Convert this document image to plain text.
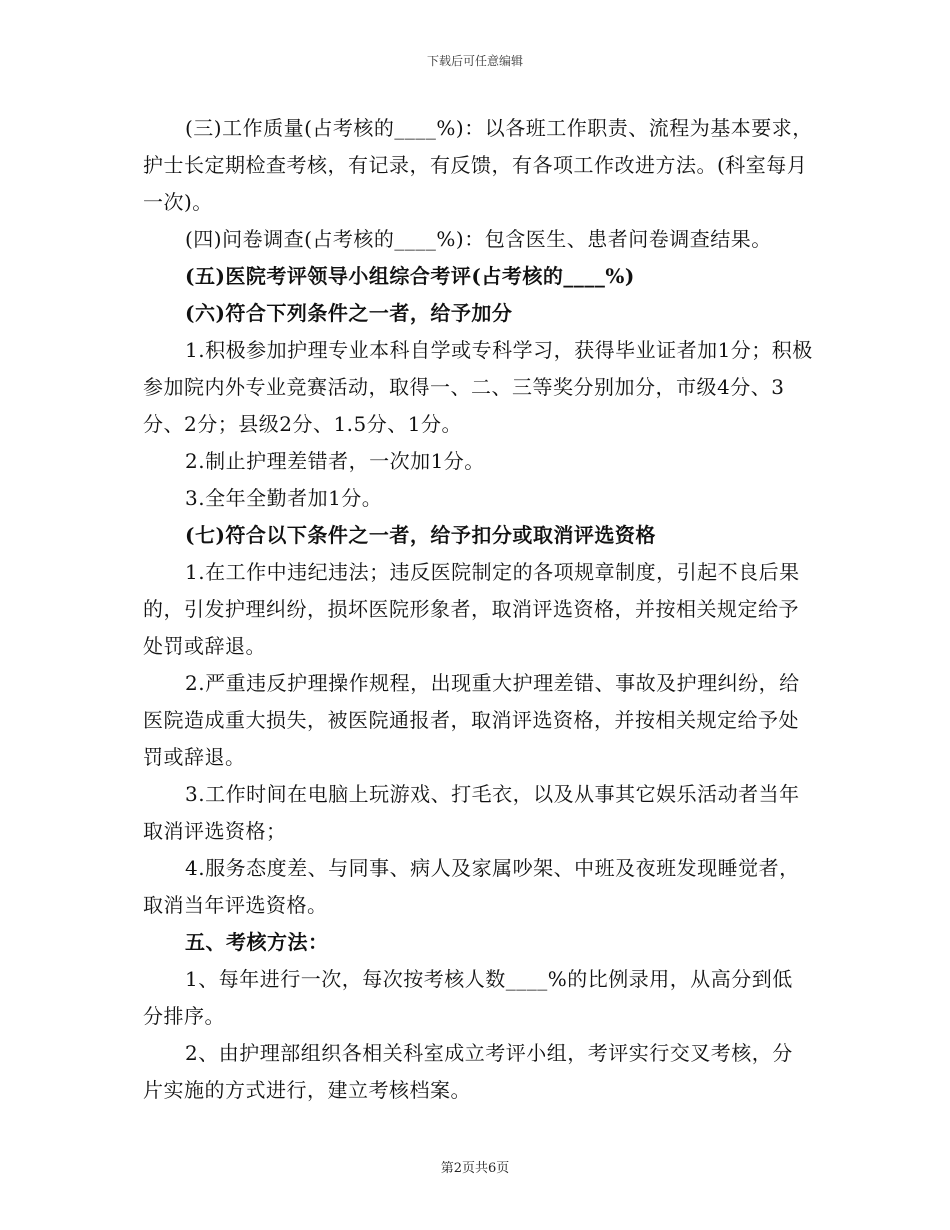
下载后可任意编辑

(三)工作质量(占考核的____%)：以各班工作职责、流程为基本要求，护士长定期检查考核，有记录，有反馈，有各项工作改进方法。(科室每月一次)。

(四)问卷调查(占考核的____%)：包含医生、患者问卷调查结果。

(五)医院考评领导小组综合考评(占考核的____%)

(六)符合下列条件之一者，给予加分

1.积极参加护理专业本科自学或专科学习，获得毕业证者加1分；积极参加院内外专业竞赛活动，取得一、二、三等奖分别加分，市级4分、3分、2分；县级2分、1.5分、1分。

2.制止护理差错者，一次加1分。

3.全年全勤者加1分。

(七)符合以下条件之一者，给予扣分或取消评选资格

1.在工作中违纪违法；违反医院制定的各项规章制度，引起不良后果的，引发护理纠纷，损坏医院形象者，取消评选资格，并按相关规定给予处罚或辞退。

2.严重违反护理操作规程，出现重大护理差错、事故及护理纠纷，给医院造成重大损失，被医院通报者，取消评选资格，并按相关规定给予处罚或辞退。

3.工作时间在电脑上玩游戏、打毛衣，以及从事其它娱乐活动者当年取消评选资格；

4.服务态度差、与同事、病人及家属吵架、中班及夜班发现睡觉者，取消当年评选资格。

五、考核方法：

1、每年进行一次，每次按考核人数____%的比例录用，从高分到低分排序。

2、由护理部组织各相关科室成立考评小组，考评实行交叉考核，分片实施的方式进行，建立考核档案。

第2页共6页
